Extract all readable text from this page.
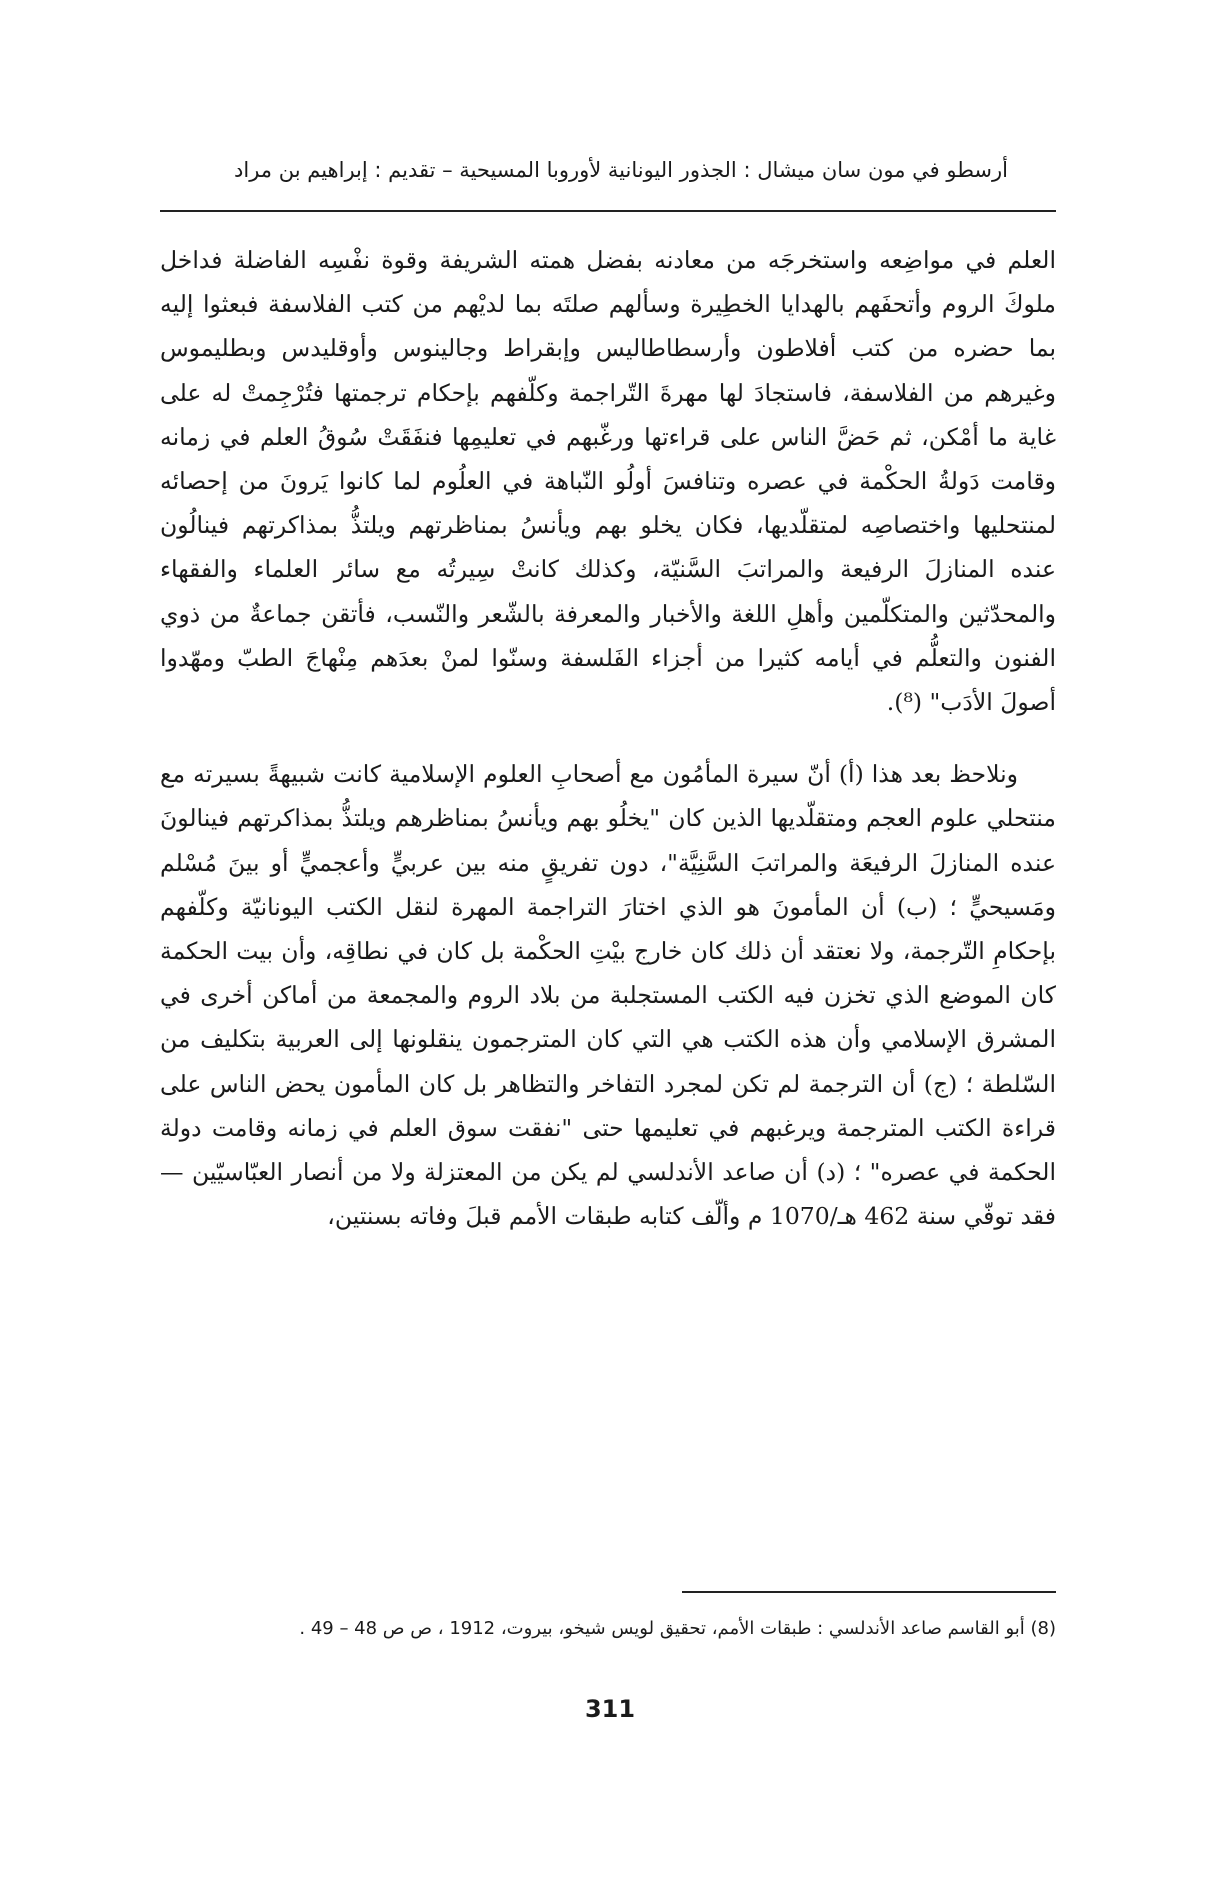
أرسطو في مون سان ميشال : الجذور اليونانية لأوروبا المسيحية – تقديم : إبراهيم بن مراد

العلم في مواضِعه واستخرجَه من معادنه بفضل همته الشريفة وقوة نفْسِه الفاضلة فداخل ملوكَ الروم وأتحفَهم بالهدايا الخطِيرة وسألهم صلتَه بما لديْهم من كتب الفلاسفة فبعثوا إليه بما حضره من كتب أفلاطون وأرسطاطاليس وإبقراط وجالينوس وأوقليدس وبطليموس وغيرهم من الفلاسفة، فاستجادَ لها مهرةَ التّراجمة وكلّفهم بإحكام ترجمتها فتُرْجِمتْ له على غاية ما أمْكن، ثم حَضَّ الناس على قراءتها ورغّبهم في تعليمِها فنفَقَتْ سُوقُ العلم في زمانه وقامت دَولةُ الحكْمة في عصره وتنافسَ أولُو النّباهة في العلُوم لما كانوا يَرونَ من إحصائه لمنتحليها واختصاصِه لمتقلّديها، فكان يخلو بهم ويأنسُ بمناظرتهم ويلتذُّ بمذاكرتهم فينالُون عنده المنازلَ الرفيعة والمراتبَ السَّنيّة، وكذلك كانتْ سِيرتُه مع سائر العلماء والفقهاء والمحدّثين والمتكلّمين وأهلِ اللغة والأخبار والمعرفة بالشّعر والنّسب، فأتقن جماعةٌ من ذوي الفنون والتعلُّم في أيامه كثيرا من أجزاء الفَلسفة وسنّوا لمنْ بعدَهم مِنْهاجَ الطبّ ومهّدوا أصولَ الأدَب" (⁸).

ونلاحظ بعد هذا (أ) أنّ سيرة المأمُون مع أصحابِ العلوم الإسلامية كانت شبيهةً بسيرته مع منتحلي علوم العجم ومتقلّديها الذين كان "يخلُو بهم ويأنسُ بمناظرهم ويلتذُّ بمذاكرتهم فينالونَ عنده المنازلَ الرفيعَة والمراتبَ السَّنِيَّة"، دون تفريقٍ منه بين عربيٍّ وأعجميٍّ أو بينَ مُسْلم ومَسيحيٍّ ؛ (ب) أن المأمونَ هو الذي اختارَ التراجمة المهرة لنقل الكتب اليونانيّة وكلّفهم بإحكامِ التّرجمة، ولا نعتقد أن ذلك كان خارج بيْتِ الحكْمة بل كان في نطاقِه، وأن بيت الحكمة كان الموضع الذي تخزن فيه الكتب المستجلبة من بلاد الروم والمجمعة من أماكن أخرى في المشرق الإسلامي وأن هذه الكتب هي التي كان المترجمون ينقلونها إلى العربية بتكليف من السّلطة ؛ (ج) أن الترجمة لم تكن لمجرد التفاخر والتظاهر بل كان المأمون يحض الناس على قراءة الكتب المترجمة ويرغبهم في تعليمها حتى "نفقت سوق العلم في زمانه وقامت دولة الحكمة في عصره" ؛ (د) أن صاعد الأندلسي لم يكن من المعتزلة ولا من أنصار العبّاسيّين — فقد توفّي سنة 462 هـ/1070 م وألّف كتابه طبقات الأمم قبلَ وفاته بسنتين،

(8) أبو القاسم صاعد الأندلسي : طبقات الأمم، تحقيق لويس شيخو، بيروت، 1912 ، ص ص 48 – 49 .
311
